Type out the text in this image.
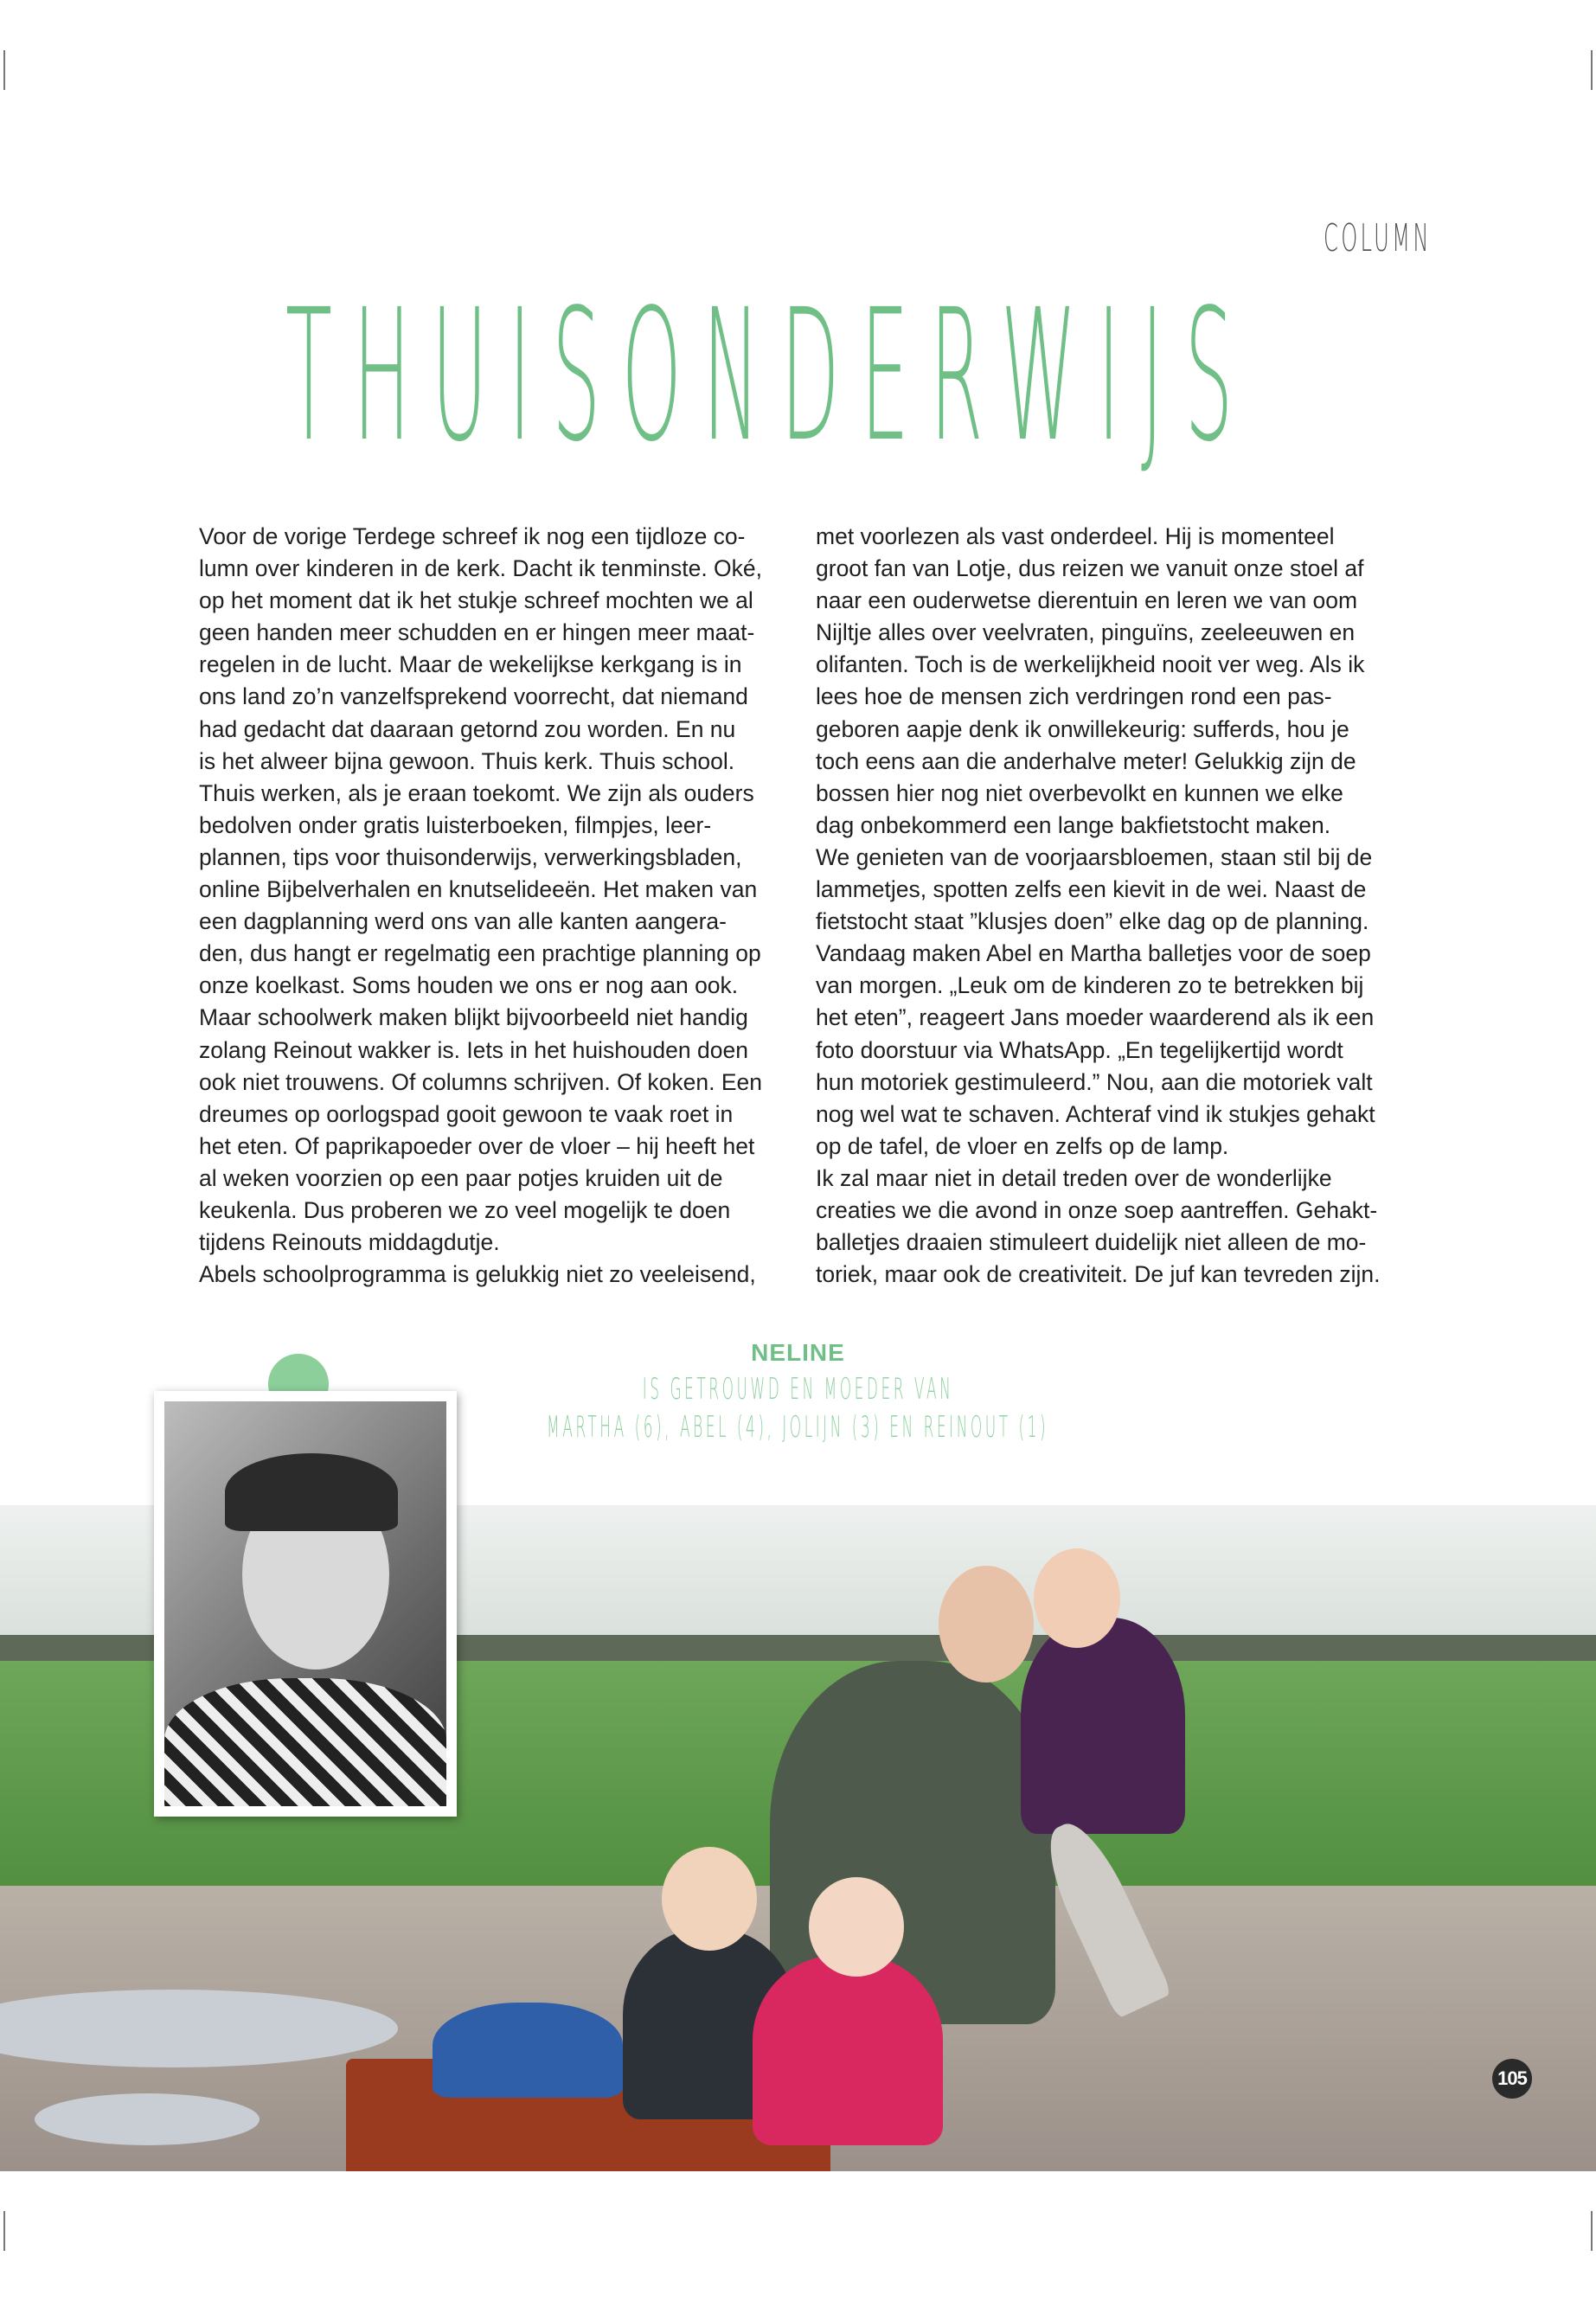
COLUMN
THUISONDERWIJS

Voor de vorige Terdege schreef ik nog een tijdloze co-
lumn over kinderen in de kerk. Dacht ik tenminste. Oké,
op het moment dat ik het stukje schreef mochten we al
geen handen meer schudden en er hingen meer maat-
regelen in de lucht. Maar de wekelijkse kerkgang is in
ons land zo’n vanzelfsprekend voorrecht, dat niemand
had gedacht dat daaraan getornd zou worden. En nu
is het alweer bijna gewoon. Thuis kerk. Thuis school.
Thuis werken, als je eraan toekomt. We zijn als ouders
bedolven onder gratis luisterboeken, filmpjes, leer-
plannen, tips voor thuisonderwijs, verwerkingsbladen,
online Bijbelverhalen en knutselideeën. Het maken van
een dagplanning werd ons van alle kanten aangera-
den, dus hangt er regelmatig een prachtige planning op
onze koelkast. Soms houden we ons er nog aan ook.
Maar schoolwerk maken blijkt bijvoorbeeld niet handig
zolang Reinout wakker is. Iets in het huishouden doen
ook niet trouwens. Of columns schrijven. Of koken. Een
dreumes op oorlogspad gooit gewoon te vaak roet in
het eten. Of paprikapoeder over de vloer – hij heeft het
al weken voorzien op een paar potjes kruiden uit de
keukenla. Dus proberen we zo veel mogelijk te doen
tijdens Reinouts middagdutje.
Abels schoolprogramma is gelukkig niet zo veeleisend,

met voorlezen als vast onderdeel. Hij is momenteel
groot fan van Lotje, dus reizen we vanuit onze stoel af
naar een ouderwetse dierentuin en leren we van oom
Nijltje alles over veelvraten, pinguïns, zeeleeuwen en
olifanten. Toch is de werkelijkheid nooit ver weg. Als ik
lees hoe de mensen zich verdringen rond een pas-
geboren aapje denk ik onwillekeurig: sufferds, hou je
toch eens aan die anderhalve meter! Gelukkig zijn de
bossen hier nog niet overbevolkt en kunnen we elke
dag onbekommerd een lange bakfietstocht maken.
We genieten van de voorjaarsbloemen, staan stil bij de
lammetjes, spotten zelfs een kievit in de wei. Naast de
fietstocht staat ”klusjes doen” elke dag op de planning.
Vandaag maken Abel en Martha balletjes voor de soep
van morgen. „Leuk om de kinderen zo te betrekken bij
het eten”, reageert Jans moeder waarderend als ik een
foto doorstuur via WhatsApp. „En tegelijkertijd wordt
hun motoriek gestimuleerd.” Nou, aan die motoriek valt
nog wel wat te schaven. Achteraf vind ik stukjes gehakt
op de tafel, de vloer en zelfs op de lamp.
Ik zal maar niet in detail treden over de wonderlijke
creaties we die avond in onze soep aantreffen. Gehakt-
balletjes draaien stimuleert duidelijk niet alleen de mo-
toriek, maar ook de creativiteit. De juf kan tevreden zijn.

NELINE
IS GETROUWD EN MOEDER VAN
MARTHA (6), ABEL (4), JOLIJN (3) EN REINOUT (1)
105
